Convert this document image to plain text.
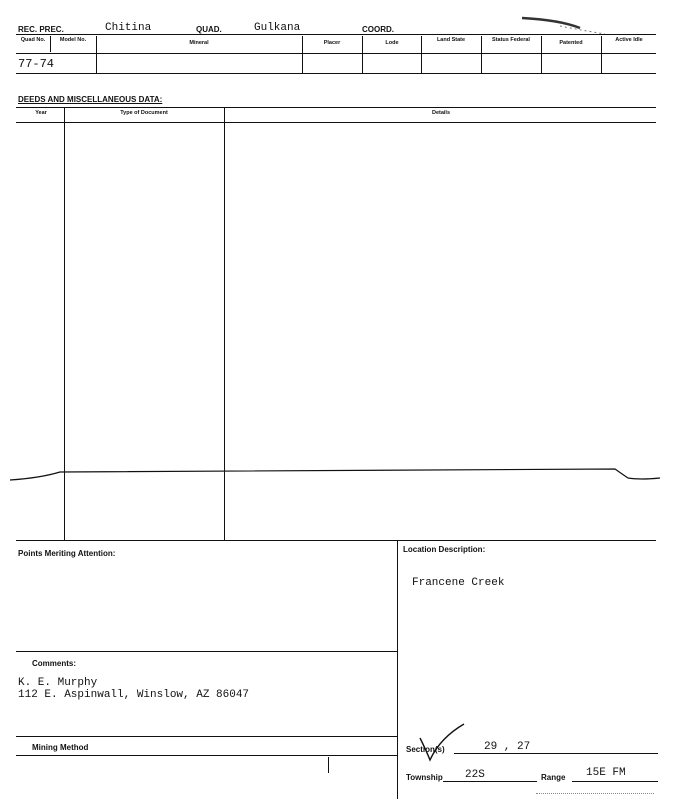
REC. PREC.	Chitina	QUAD.	Gulkana	COORD.
Quad No.	Model No.	Mineral	Placer	Lode	Land State	Status Federal	Patented	Active Idle
77-74
DEEDS AND MISCELLANEOUS DATA:
Year	Type of Document	Details
Points Meriting Attention:	Location Description:
Francene Creek
Comments:
K. E. Murphy
112 E. Aspinwall, Winslow, AZ 86047
Mining Method	Section(s)	29 , 27
Township 22S	Range 15E FM
